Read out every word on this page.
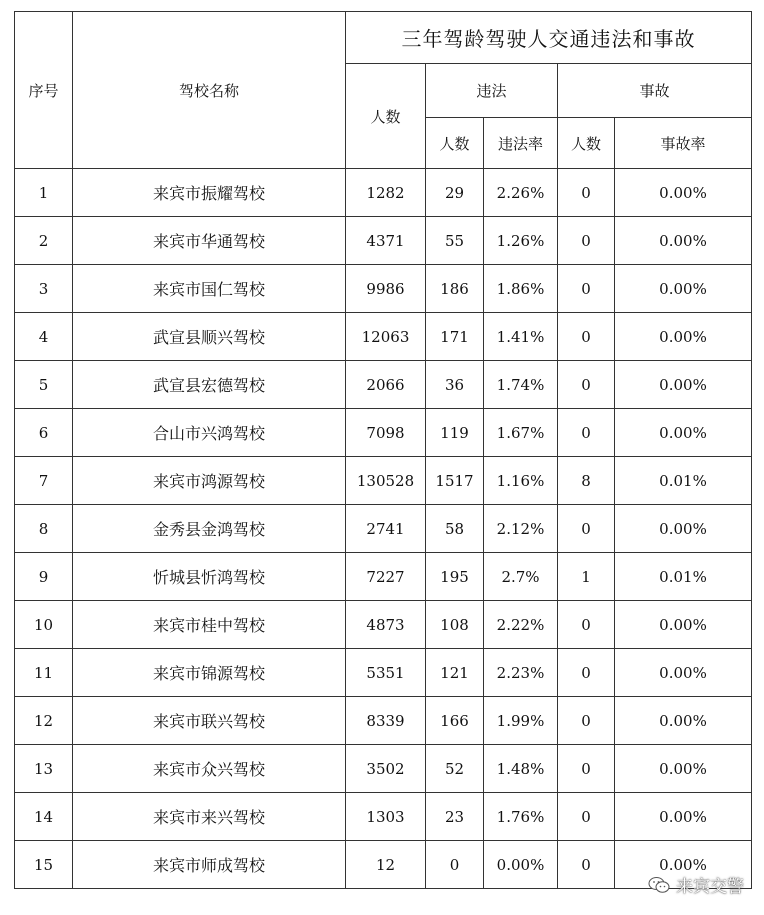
序号	驾校名称	三年驾龄驾驶人交通违法和事故				
		人数	违法		事故	
			人数	违法率	人数	事故率
1	来宾市振耀驾校	1282	29	2.26%	0	0.00%
2	来宾市华通驾校	4371	55	1.26%	0	0.00%
3	来宾市国仁驾校	9986	186	1.86%	0	0.00%
4	武宣县顺兴驾校	12063	171	1.41%	0	0.00%
5	武宣县宏德驾校	2066	36	1.74%	0	0.00%
6	合山市兴鸿驾校	7098	119	1.67%	0	0.00%
7	来宾市鸿源驾校	130528	1517	1.16%	8	0.01%
8	金秀县金鸿驾校	2741	58	2.12%	0	0.00%
9	忻城县忻鸿驾校	7227	195	2.7%	1	0.01%
10	来宾市桂中驾校	4873	108	2.22%	0	0.00%
11	来宾市锦源驾校	5351	121	2.23%	0	0.00%
12	来宾市联兴驾校	8339	166	1.99%	0	0.00%
13	来宾市众兴驾校	3502	52	1.48%	0	0.00%
14	来宾市来兴驾校	1303	23	1.76%	0	0.00%
15	来宾市师成驾校	12	0	0.00%	0	0.00%
来宾交警
